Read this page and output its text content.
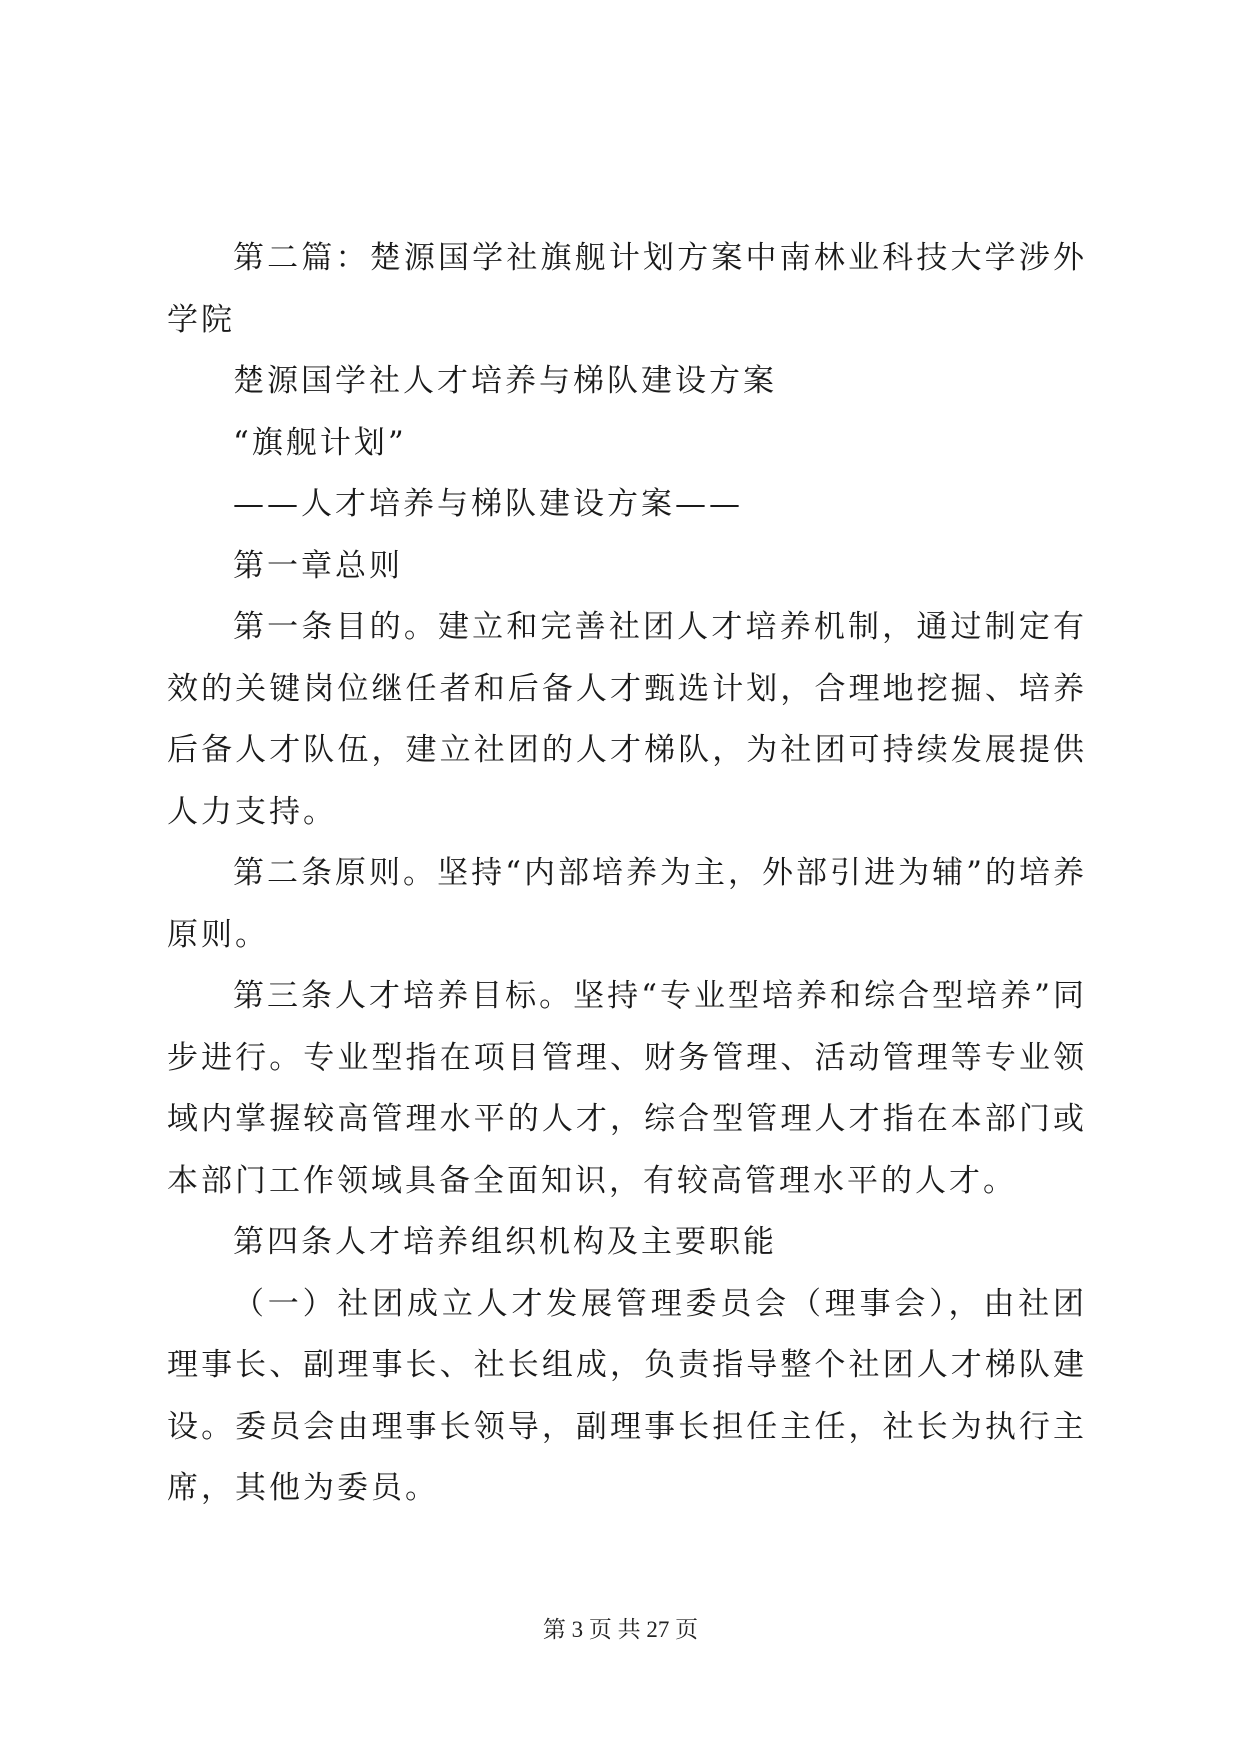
第二篇：楚源国学社旗舰计划方案中南林业科技大学涉外学院

楚源国学社人才培养与梯队建设方案

“旗舰计划”

——人才培养与梯队建设方案——

第一章总则

第一条目的。建立和完善社团人才培养机制，通过制定有效的关键岗位继任者和后备人才甄选计划，合理地挖掘、培养后备人才队伍，建立社团的人才梯队，为社团可持续发展提供人力支持。

第二条原则。坚持“内部培养为主，外部引进为辅”的培养原则。

第三条人才培养目标。坚持“专业型培养和综合型培养”同步进行。专业型指在项目管理、财务管理、活动管理等专业领域内掌握较高管理水平的人才，综合型管理人才指在本部门或本部门工作领域具备全面知识，有较高管理水平的人才。

第四条人才培养组织机构及主要职能

（一）社团成立人才发展管理委员会（理事会），由社团理事长、副理事长、社长组成，负责指导整个社团人才梯队建设。委员会由理事长领导，副理事长担任主任，社长为执行主席，其他为委员。

第 3 页 共 27 页
